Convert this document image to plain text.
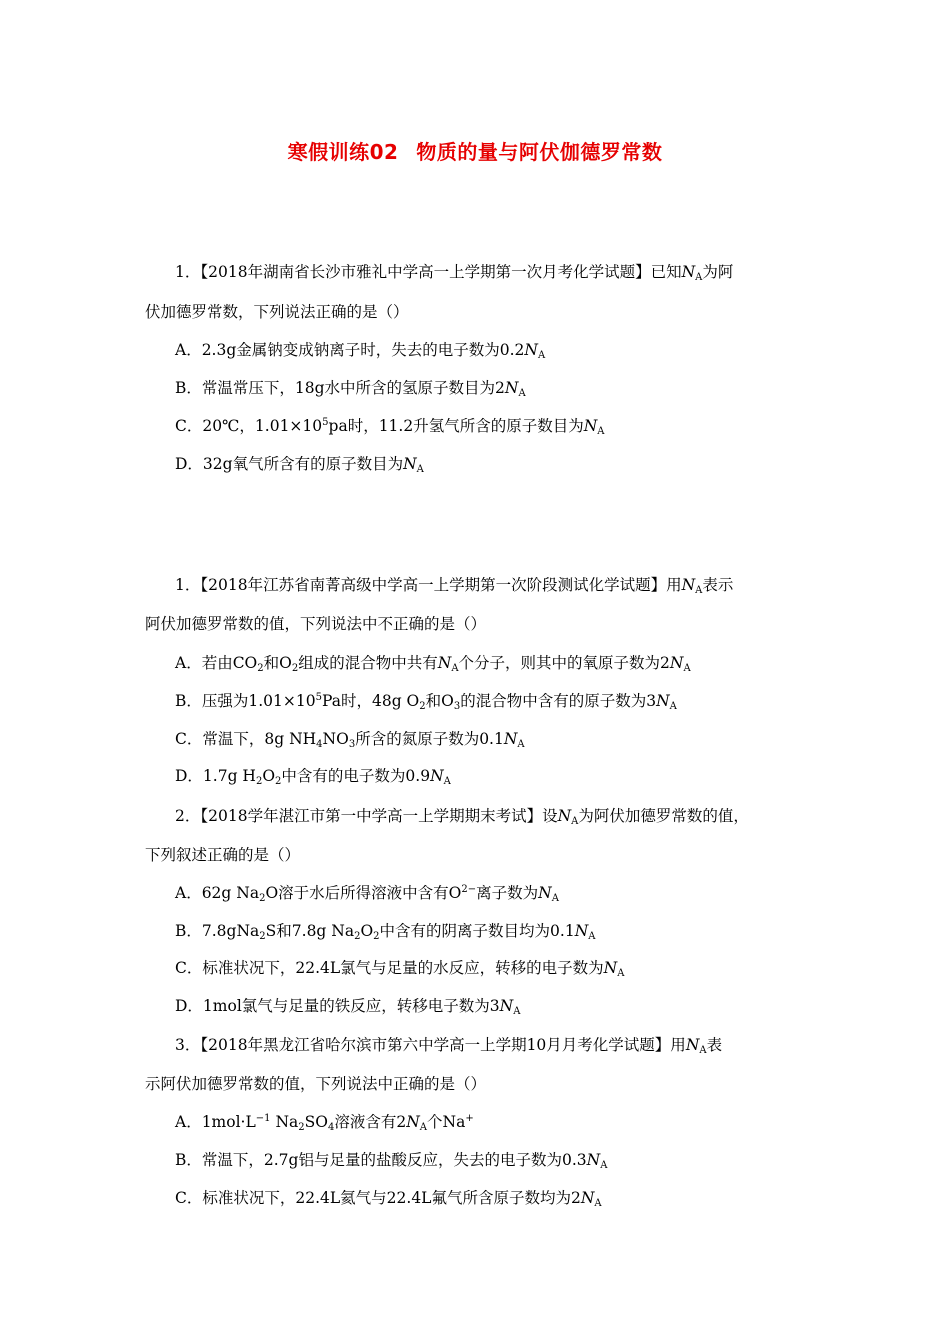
寒假训练02 物质的量与阿伏伽德罗常数
1．【2018年湖南省长沙市雅礼中学高一上学期第一次月考化学试题】已知$N_A$为阿
伏加德罗常数，下列说法正确的是（）
A．2.3g金属钠变成钠离子时，失去的电子数为$0.2N_A$
B．常温常压下，18g水中所含的氢原子数目为$2N_A$
C．20℃，$1.01\times 10^5pa$时，11.2升氢气所含的原子数目为$N_A$
D．32g氧气所含有的原子数目为$N_A$
1．【2018年江苏省南菁高级中学高一上学期第一次阶段测试化学试题】用$N_A$表示
阿伏加德罗常数的值，下列说法中不正确的是（）
A．若由$CO_2$和$O_2$组成的混合物中共有$N_A$个分子，则其中的氧原子数为$2N_A$
B．压强为$1.01\times 10^5Pa$时，48g $O_2$和$O_3$的混合物中含有的原子数为$3N_A$
C．常温下，8g $NH_4NO_3$所含的氮原子数为$0.1N_A$
D．1.7g $H_2O_2$中含有的电子数为$0.9N_A$
2．【2018学年湛江市第一中学高一上学期期末考试】设$N_A$为阿伏加德罗常数的值，
下列叙述正确的是（）
A．62g $Na_2O$溶于水后所得溶液中含有$O^{2-}$离子数为$N_A$
B．7.8gNa$_2$S和7.8g $Na_2O_2$中含有的阴离子数目均为$0.1N_A$
C．标准状况下，22.4L氯气与足量的水反应，转移的电子数为$N_A$
D．1mol氯气与足量的铁反应，转移电子数为$3N_A$
3．【2018年黑龙江省哈尔滨市第六中学高一上学期10月月考化学试题】用$N_A$表
示阿伏加德罗常数的值，下列说法中正确的是（）
A．$1mol\cdot L^{-1}$ $Na_2SO_4$溶液含有$2N_A$个Na+
B．常温下，2.7g铝与足量的盐酸反应，失去的电子数为$0.3N_A$
C．标准状况下，22.4L氦气与22.4L氟气所含原子数均为$2N_A$
